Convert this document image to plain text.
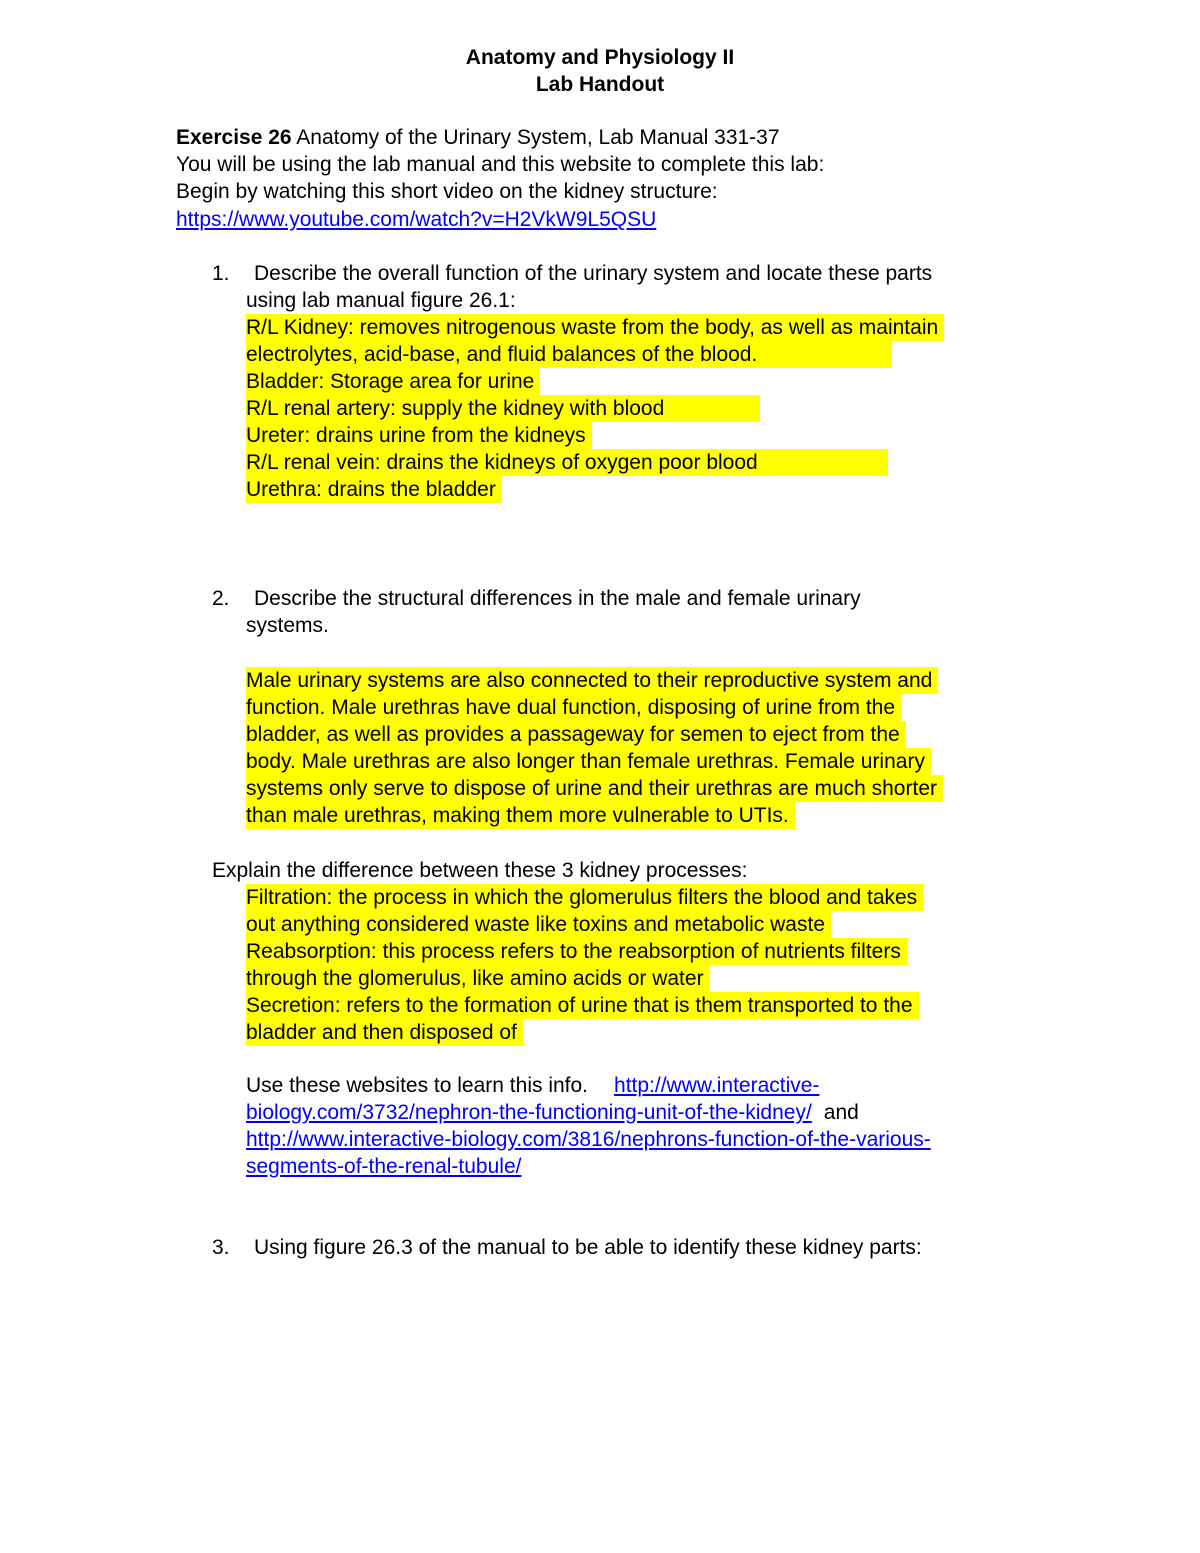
Anatomy and Physiology II
Lab Handout
Exercise 26 Anatomy of the Urinary System, Lab Manual 331-37
You will be using the lab manual and this website to complete this lab:
Begin by watching this short video on the kidney structure:
https://www.youtube.com/watch?v=H2VkW9L5QSU
1. Describe the overall function of the urinary system and locate these parts
using lab manual figure 26.1:
R/L Kidney: removes nitrogenous waste from the body, as well as maintain
electrolytes, acid-base, and fluid balances of the blood.
Bladder: Storage area for urine
R/L renal artery: supply the kidney with blood
Ureter: drains urine from the kidneys
R/L renal vein: drains the kidneys of oxygen poor blood
Urethra: drains the bladder
2. Describe the structural differences in the male and female urinary
systems.
Male urinary systems are also connected to their reproductive system and
function. Male urethras have dual function, disposing of urine from the
bladder, as well as provides a passageway for semen to eject from the
body. Male urethras are also longer than female urethras. Female urinary
systems only serve to dispose of urine and their urethras are much shorter
than male urethras, making them more vulnerable to UTIs.
Explain the difference between these 3 kidney processes:
Filtration: the process in which the glomerulus filters the blood and takes
out anything considered waste like toxins and metabolic waste
Reabsorption: this process refers to the reabsorption of nutrients filters
through the glomerulus, like amino acids or water
Secretion: refers to the formation of urine that is them transported to the
bladder and then disposed of
Use these websites to learn this info. http://www.interactive-
biology.com/3732/nephron-the-functioning-unit-of-the-kidney/ and
http://www.interactive-biology.com/3816/nephrons-function-of-the-various-
segments-of-the-renal-tubule/
3. Using figure 26.3 of the manual to be able to identify these kidney parts:
